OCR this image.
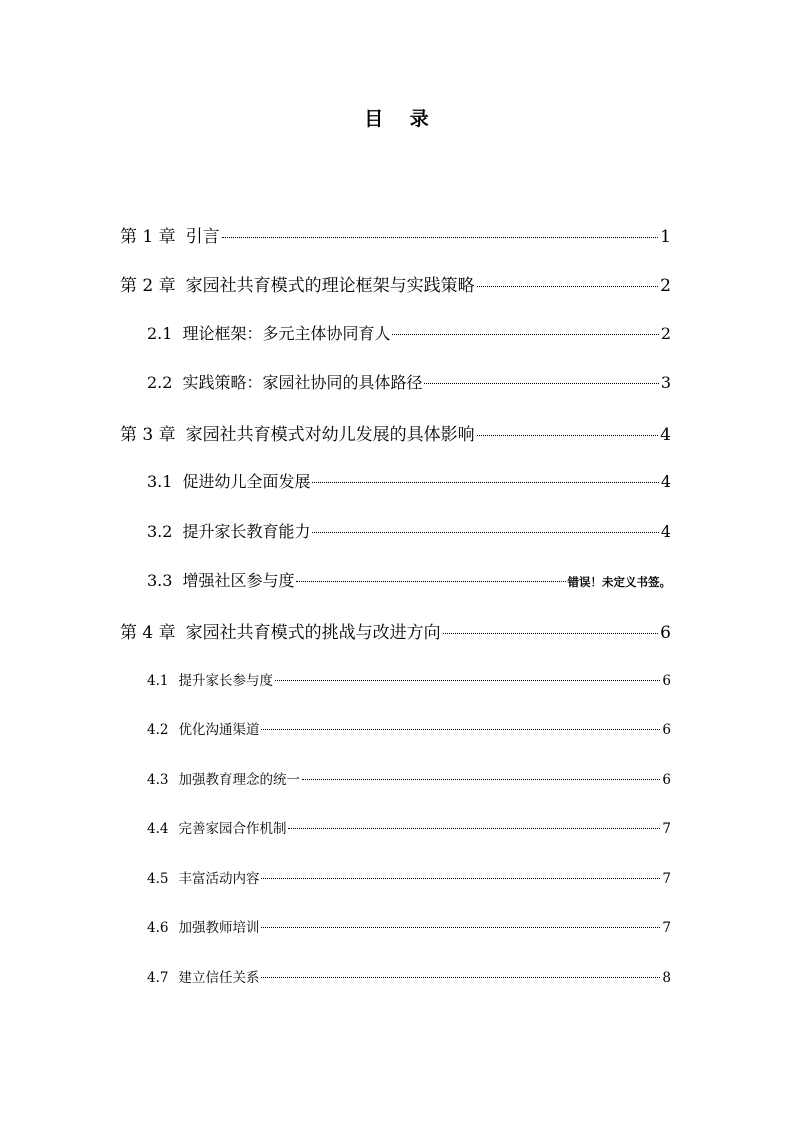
目 录
第 1 章 引言	1
第 2 章 家园社共育模式的理论框架与实践策略	2
2.1 理论框架：多元主体协同育人	2
2.2 实践策略：家园社协同的具体路径	3
第 3 章 家园社共育模式对幼儿发展的具体影响	4
3.1 促进幼儿全面发展	4
3.2 提升家长教育能力	4
3.3 增强社区参与度	错误！未定义书签。
第 4 章 家园社共育模式的挑战与改进方向	6
4.1 提升家长参与度	6
4.2 优化沟通渠道	6
4.3 加强教育理念的统一	6
4.4 完善家园合作机制	7
4.5 丰富活动内容	7
4.6 加强教师培训	7
4.7 建立信任关系	8
